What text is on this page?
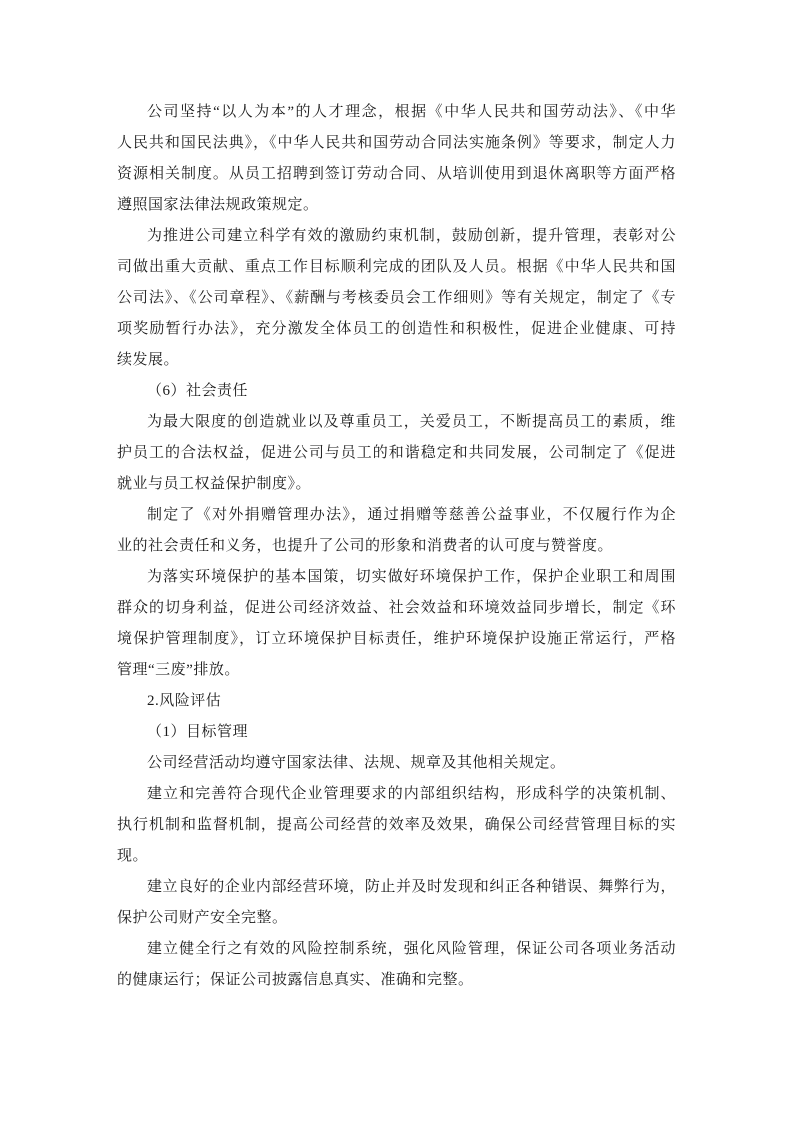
公司坚持“以人为本”的人才理念，根据《中华人民共和国劳动法》、《中华
人民共和国民法典》，《中华人民共和国劳动合同法实施条例》等要求，制定人力
资源相关制度。从员工招聘到签订劳动合同、从培训使用到退休离职等方面严格
遵照国家法律法规政策规定。
为推进公司建立科学有效的激励约束机制，鼓励创新，提升管理，表彰对公
司做出重大贡献、重点工作目标顺利完成的团队及人员。根据《中华人民共和国
公司法》、《公司章程》、《薪酬与考核委员会工作细则》等有关规定，制定了《专
项奖励暂行办法》，充分激发全体员工的创造性和积极性，促进企业健康、可持
续发展。
（6）社会责任
为最大限度的创造就业以及尊重员工，关爱员工，不断提高员工的素质，维
护员工的合法权益，促进公司与员工的和谐稳定和共同发展，公司制定了《促进
就业与员工权益保护制度》。
制定了《对外捐赠管理办法》，通过捐赠等慈善公益事业，不仅履行作为企
业的社会责任和义务，也提升了公司的形象和消费者的认可度与赞誉度。
为落实环境保护的基本国策，切实做好环境保护工作，保护企业职工和周围
群众的切身利益，促进公司经济效益、社会效益和环境效益同步增长，制定《环
境保护管理制度》，订立环境保护目标责任，维护环境保护设施正常运行，严格
管理“三废”排放。
2.风险评估
（1）目标管理
公司经营活动均遵守国家法律、法规、规章及其他相关规定。
建立和完善符合现代企业管理要求的内部组织结构，形成科学的决策机制、
执行机制和监督机制，提高公司经营的效率及效果，确保公司经营管理目标的实
现。
建立良好的企业内部经营环境，防止并及时发现和纠正各种错误、舞弊行为，
保护公司财产安全完整。
建立健全行之有效的风险控制系统，强化风险管理，保证公司各项业务活动
的健康运行；保证公司披露信息真实、准确和完整。
